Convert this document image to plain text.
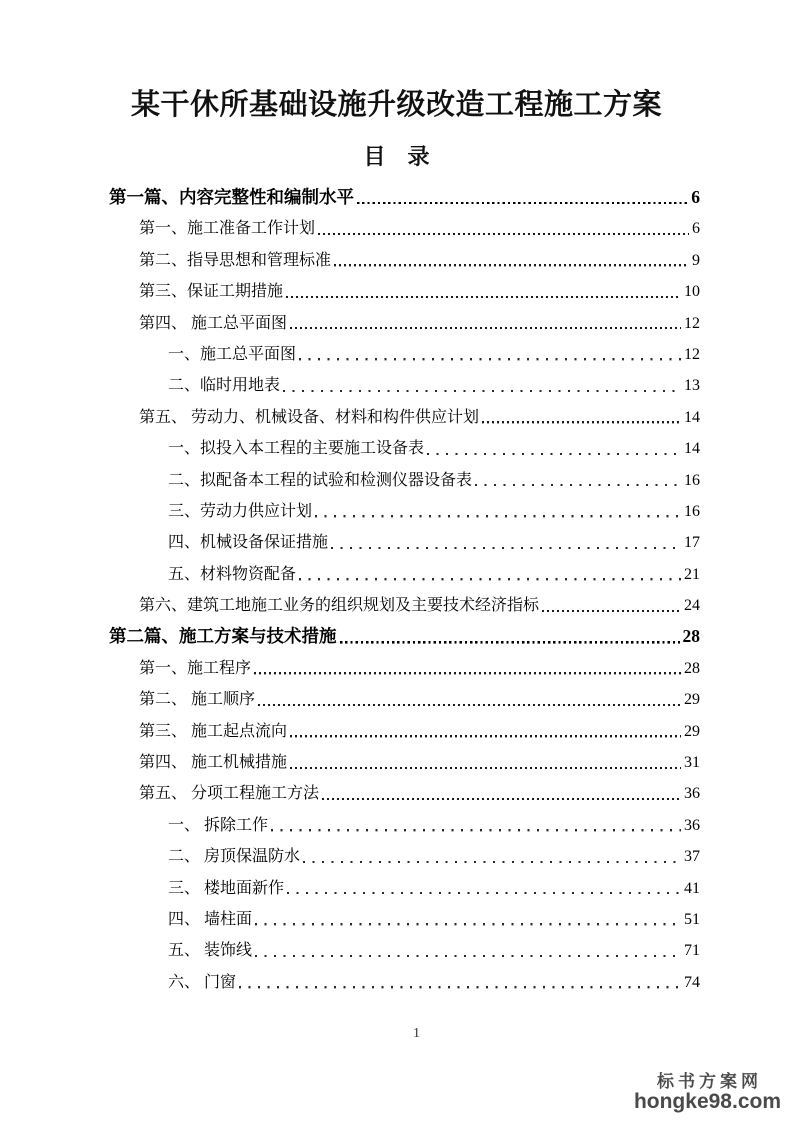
某干休所基础设施升级改造工程施工方案
目　录
第一篇、内容完整性和编制水平	6
第一、施工准备工作计划	6
第二、指导思想和管理标准	9
第三、保证工期措施	10
第四、 施工总平面图	12
一、施工总平面图	12
二、临时用地表	13
第五、 劳动力、机械设备、材料和构件供应计划	14
一、拟投入本工程的主要施工设备表	14
二、拟配备本工程的试验和检测仪器设备表	16
三、劳动力供应计划	16
四、机械设备保证措施	17
五、材料物资配备	21
第六、建筑工地施工业务的组织规划及主要技术经济指标	24
第二篇、施工方案与技术措施	28
第一、施工程序	28
第二、 施工顺序	29
第三、 施工起点流向	29
第四、 施工机械措施	31
第五、 分项工程施工方法	36
一、 拆除工作	36
二、 房顶保温防水	37
三、 楼地面新作	41
四、 墙柱面	51
五、 装饰线	71
六、 门窗	74
1
标书方案网
hongke98.com
